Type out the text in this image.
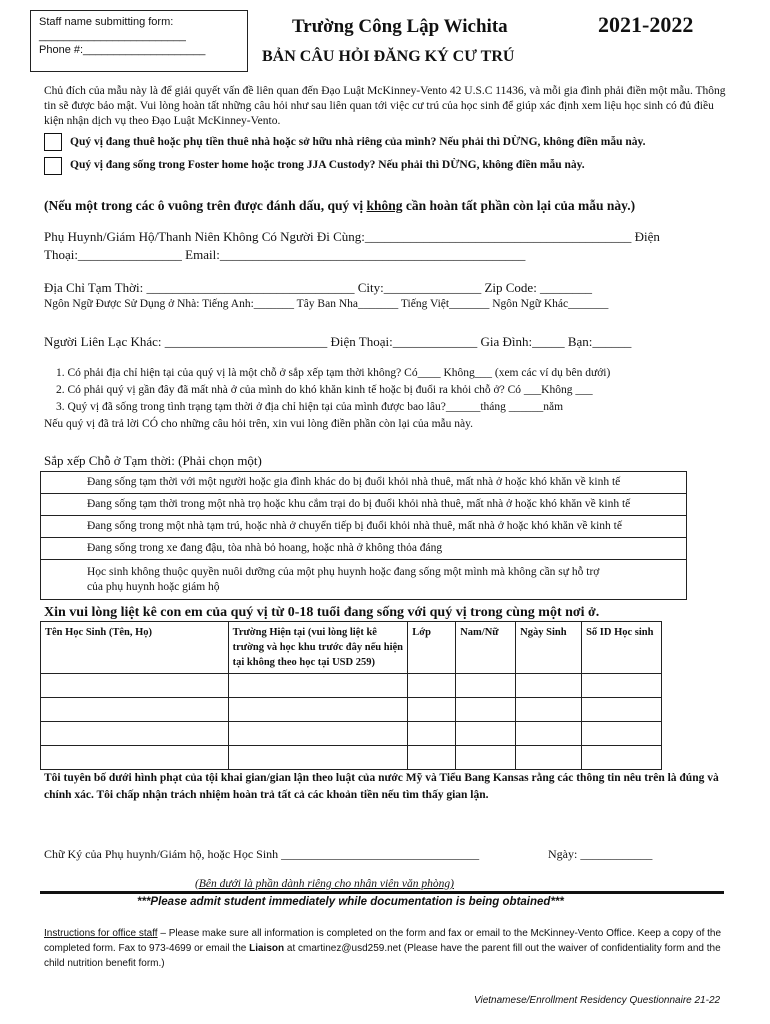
Staff name submitting form:
________________________
Phone #:____________________
Trường Công Lập Wichita	2021-2022
BẢN CÂU HỎI ĐĂNG KÝ CƯ TRÚ
Chủ đích của mẫu này là để giải quyết vấn đề liên quan đến Đạo Luật McKinney-Vento 42 U.S.C 11436, và mỗi gia đình phải điền một mẫu. Thông tin sẽ được bảo mật. Vui lòng hoàn tất những câu hỏi như sau liên quan tới việc cư trú của học sinh để giúp xác định xem liệu học sinh có đủ điều kiện nhận dịch vụ theo Đạo Luật McKinney-Vento.
Quý vị đang thuê hoặc phụ tiền thuê nhà hoặc sở hữu nhà riêng của mình? Nếu phải thì DỪNG, không điền mẫu này.
Quý vị đang sống trong Foster home hoặc trong JJA Custody? Nếu phải thì DỪNG, không điền mẫu này.
(Nếu một trong các ô vuông trên được đánh dấu, quý vị không cần hoàn tất phần còn lại của mẫu này.)
Phụ Huynh/Giám Hộ/Thanh Niên Không Có Người Đi Cùng:_________________________________________ Điện
Thoại:________________ Email:_______________________________________________
Địa Chỉ Tạm Thời: ________________________________ City:_______________ Zip Code: ________
Ngôn Ngữ Được Sử Dụng ở Nhà: Tiếng Anh:_______ Tây Ban Nha_______ Tiếng Việt_______ Ngôn Ngữ Khác_______
Người Liên Lạc Khác: _________________________ Điện Thoại:_____________ Gia Đình:_____ Bạn:______
1. Có phải địa chỉ hiện tại của quý vị là một chỗ ở sắp xếp tạm thời không? Có____ Không___ (xem các ví dụ bên dưới)
2. Có phải quý vị gần đây đã mất nhà ở của mình do khó khăn kinh tế hoặc bị đuổi ra khỏi chỗ ở? Có ___Không ___
3. Quý vị đã sống trong tình trạng tạm thời ở địa chỉ hiện tại của mình được bao lâu?______tháng ______năm
Nếu quý vị đã trả lời CÓ cho những câu hỏi trên, xin vui lòng điền phần còn lại của mẫu này.
Sắp xếp Chỗ ở Tạm thời: (Phải chọn một)
Đang sống tạm thời với một người hoặc gia đình khác do bị đuổi khỏi nhà thuê, mất nhà ở hoặc khó khăn về kinh tế
Đang sống tạm thời trong một nhà trọ hoặc khu cắm trại do bị đuổi khỏi nhà thuê, mất nhà ở hoặc khó khăn về kinh tế
Đang sống trong một nhà tạm trú, hoặc nhà ở chuyển tiếp bị đuổi khỏi nhà thuê, mất nhà ở hoặc khó khăn về kinh tế
Đang sống trong xe đang đậu, tòa nhà bỏ hoang, hoặc nhà ở không thỏa đáng
Học sinh không thuộc quyền nuôi dưỡng của một phụ huynh hoặc đang sống một mình mà không cần sự hỗ trợ của phụ huynh hoặc giám hộ
Xin vui lòng liệt kê con em của quý vị từ 0-18 tuổi đang sống với quý vị trong cùng một nơi ở.
Tên Học Sinh (Tên, Họ)	Trường Hiện tại (vui lòng liệt kê trường và học khu trước đây nếu hiện tại không theo học tại USD 259)	Lớp	Nam/Nữ	Ngày Sinh	Số ID Học sinh

Tôi tuyên bố dưới hình phạt của tội khai gian/gian lận theo luật của nước Mỹ và Tiểu Bang Kansas rằng các thông tin nêu trên là đúng và chính xác. Tôi chấp nhận trách nhiệm hoàn trả tất cả các khoản tiền nếu tìm thấy gian lận.
Chữ Ký của Phụ huynh/Giám hộ, hoặc Học Sinh _________________________________	Ngày: ____________
(Bên dưới là phần dành riêng cho nhân viên văn phòng)
***Please admit student immediately while documentation is being obtained***
Instructions for office staff – Please make sure all information is completed on the form and fax or email to the McKinney-Vento Office. Keep a copy of the completed form. Fax to 973-4699 or email the Liaison at cmartinez@usd259.net (Please have the parent fill out the waiver of confidentiality form and the child nutrition benefit form.)
Vietnamese/Enrollment Residency Questionnaire 21-22
